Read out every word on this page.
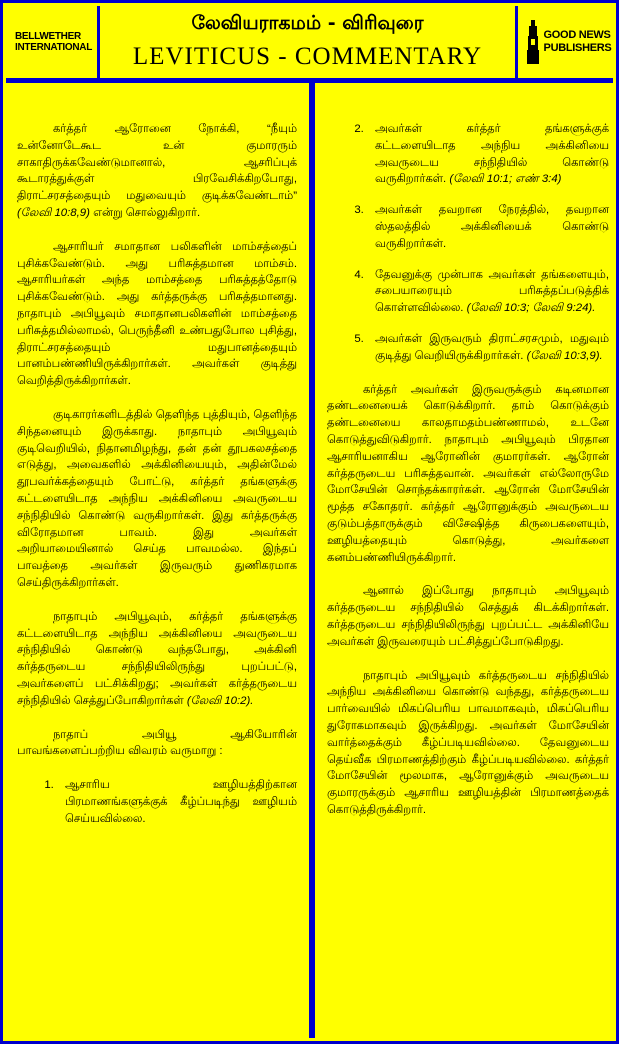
BELLWETHER
INTERNATIONAL
லேவியராகமம் - விரிவுரை
LEVITICUS - COMMENTARY
GOOD NEWS
PUBLISHERS

கர்த்தர் ஆரோனை நோக்கி, “நீயும் உன்னோடேகூட உன் குமாரரும் சாகாதிருக்கவேண்டுமானால், ஆசரிப்புக் கூடாரத்துக்குள் பிரவேசிக்கிறபோது, திராட்சரசத்தையும் மதுவையும் குடிக்கவேண்டாம்” (லேவி 10:8,9) என்று சொல்லுகிறார்.

ஆசாரியர் சமாதான பலிகளின் மாம்சத்தைப் புசிக்கவேண்டும். அது பரிசுத்தமான மாம்சம். ஆசாரியர்கள் அந்த மாம்சத்தை பரிசுத்தத்தோடு புசிக்கவேண்டும். அது கர்த்தருக்கு பரிசுத்தமானது. நாதாபும் அபியூவும் சமாதானபலிகளின் மாம்சத்தை பரிசுத்தமில்லாமல், பெருந்தீனி உண்பதுபோல புசித்து, திராட்சரசத்தையும் மதுபானத்தையும் பானம்பண்ணியிருக்கிறார்கள். அவர்கள் குடித்து வெறித்திருக்கிறார்கள்.

குடிகாரர்களிடத்தில் தெளிந்த புத்தியும், தெளிந்த சிந்தனையும் இருக்காது. நாதாபும் அபியூவும் குடிவெறியில், நிதானமிழந்து, தன் தன் தூபகலசத்தை எடுத்து, அவைகளில் அக்கினியையும், அதின்மேல் தூபவர்க்கத்தையும் போட்டு, கர்த்தர் தங்களுக்கு கட்டளையிடாத அந்நிய அக்கினியை அவருடைய சந்நிதியில் கொண்டு வருகிறார்கள். இது கர்த்தருக்கு விரோதமான பாவம். இது அவர்கள் அறியாமையினால் செய்த பாவமல்ல. இந்தப் பாவத்தை அவர்கள் இருவரும் துணிகரமாக செய்திருக்கிறார்கள்.

நாதாபும் அபியூவும், கர்த்தர் தங்களுக்கு கட்டளையிடாத அந்நிய அக்கினியை அவருடைய சந்நிதியில் கொண்டு வந்தபோது, அக்கினி கர்த்தருடைய சந்நிதியிலிருந்து புறப்பட்டு, அவர்களைப் பட்சிக்கிறது; அவர்கள் கர்த்தருடைய சந்நிதியில் செத்துப்போகிறார்கள் (லேவி 10:2).

நாதாப் அபியூ ஆகியோரின் பாவங்களைப்பற்றிய விவரம் வருமாறு :

1. ஆசாரிய ஊழியத்திற்கான பிரமாணங்களுக்குக் கீழ்ப்படிந்து ஊழியம் செய்யவில்லை.
2. அவர்கள் கர்த்தர் தங்களுக்குக் கட்டளையிடாத அந்நிய அக்கினியை அவருடைய சந்நிதியில் கொண்டு வருகிறார்கள். (லேவி 10:1; எண் 3:4)
3. அவர்கள் தவறான நேரத்தில், தவறான ஸ்தலத்தில் அக்கினியைக் கொண்டு வருகிறார்கள்.
4. தேவனுக்கு முன்பாக அவர்கள் தங்களையும், சபையாரையும் பரிசுத்தப்படுத்திக் கொள்ளவில்லை. (லேவி 10:3; லேவி 9:24).
5. அவர்கள் இருவரும் திராட்சரசமும், மதுவும் குடித்து வெறியிருக்கிறார்கள். (லேவி 10:3,9).

கர்த்தர் அவர்கள் இருவருக்கும் கடினமான தண்டனையைக் கொடுக்கிறார். தாம் கொடுக்கும் தண்டனையை காலதாமதம்பண்ணாமல், உடனே கொடுத்துவிடுகிறார். நாதாபும் அபியூவும் பிரதான ஆசாரியனாகிய ஆரோனின் குமாரர்கள். ஆரோன் கர்த்தருடைய பரிசுத்தவான். அவர்கள் எல்லோருமே மோசேயின் சொந்தக்காரர்கள். ஆரோன் மோசேயின் மூத்த சகோதரர். கர்த்தர் ஆரோனுக்கும் அவருடைய குடும்பத்தாருக்கும் விசேஷித்த கிருபைகளையும், ஊழியத்தையும் கொடுத்து, அவர்களை கனம்பண்ணியிருக்கிறார்.

ஆனால் இப்போது நாதாபும் அபியூவும் கர்த்தருடைய சந்நிதியில் செத்துக் கிடக்கிறார்கள். கர்த்தருடைய சந்நிதியிலிருந்து புறப்பட்ட அக்கினியே அவர்கள் இருவரையும் பட்சித்துப்போடுகிறது.

நாதாபும் அபியூவும் கர்த்தருடைய சந்நிதியில் அந்நிய அக்கினியை கொண்டு வந்தது, கர்த்தருடைய பார்வையில் மிகப்பெரிய பாவமாகவும், மிகப்பெரிய துரோகமாகவும் இருக்கிறது. அவர்கள் மோசேயின் வார்த்தைக்கும் கீழ்ப்படியவில்லை. தேவனுடைய தெய்வீக பிரமாணத்திற்கும் கீழ்ப்படியவில்லை. கர்த்தர் மோசேயின் மூலமாக, ஆரோனுக்கும் அவருடைய குமாரருக்கும் ஆசாரிய ஊழியத்தின் பிரமாணத்தைக் கொடுத்திருக்கிறார்.
